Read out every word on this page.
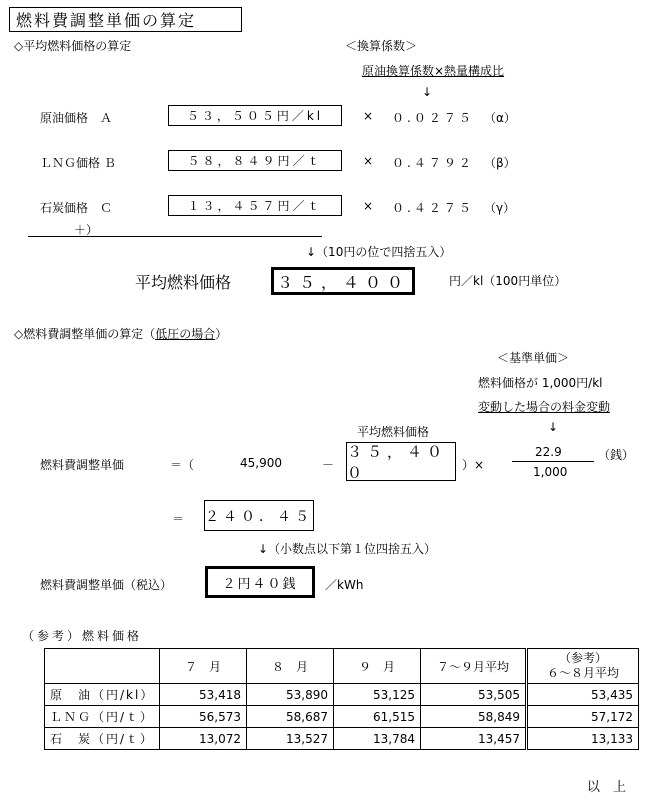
燃料費調整単価の算定
◇平均燃料価格の算定	＜換算係数＞
原油換算係数×熱量構成比
↓
原油価格　Ａ	５３，５０５円／kl	× ０.０２７５ （α）
ＬＮＧ価格 Ｂ	５８，８４９円／ｔ	× ０.４７９２ （β）
石炭価格　Ｃ	１３，４５７円／ｔ	× ０.４２７５ （γ）
＋）
↓（10円の位で四捨五入）
平均燃料価格	３５，４００	円／kl（100円単位）
◇燃料費調整単価の算定（低圧の場合）
＜基準単価＞
燃料価格が 1,000円/kl
変動した場合の料金変動
↓
平均燃料価格
燃料費調整単価	＝（	45,900	－
３５，４００	）×
22.9
1,000
（銭）
＝ ２４０．４５
↓（小数点以下第１位四捨五入）
燃料費調整単価（税込）	２円４０銭 ／kWh
（参考）燃料価格
	７　月	８　月	９　月	７～９月平均	（参考）
６～８月平均

原　油（円/kl）	53,418	53,890	53,125	53,505	53,435
ＬＮＧ（円/ｔ）	56,573	58,687	61,515	58,849	57,172
石　炭（円/ｔ）	13,072	13,527	13,784	13,457	13,133
以　上
